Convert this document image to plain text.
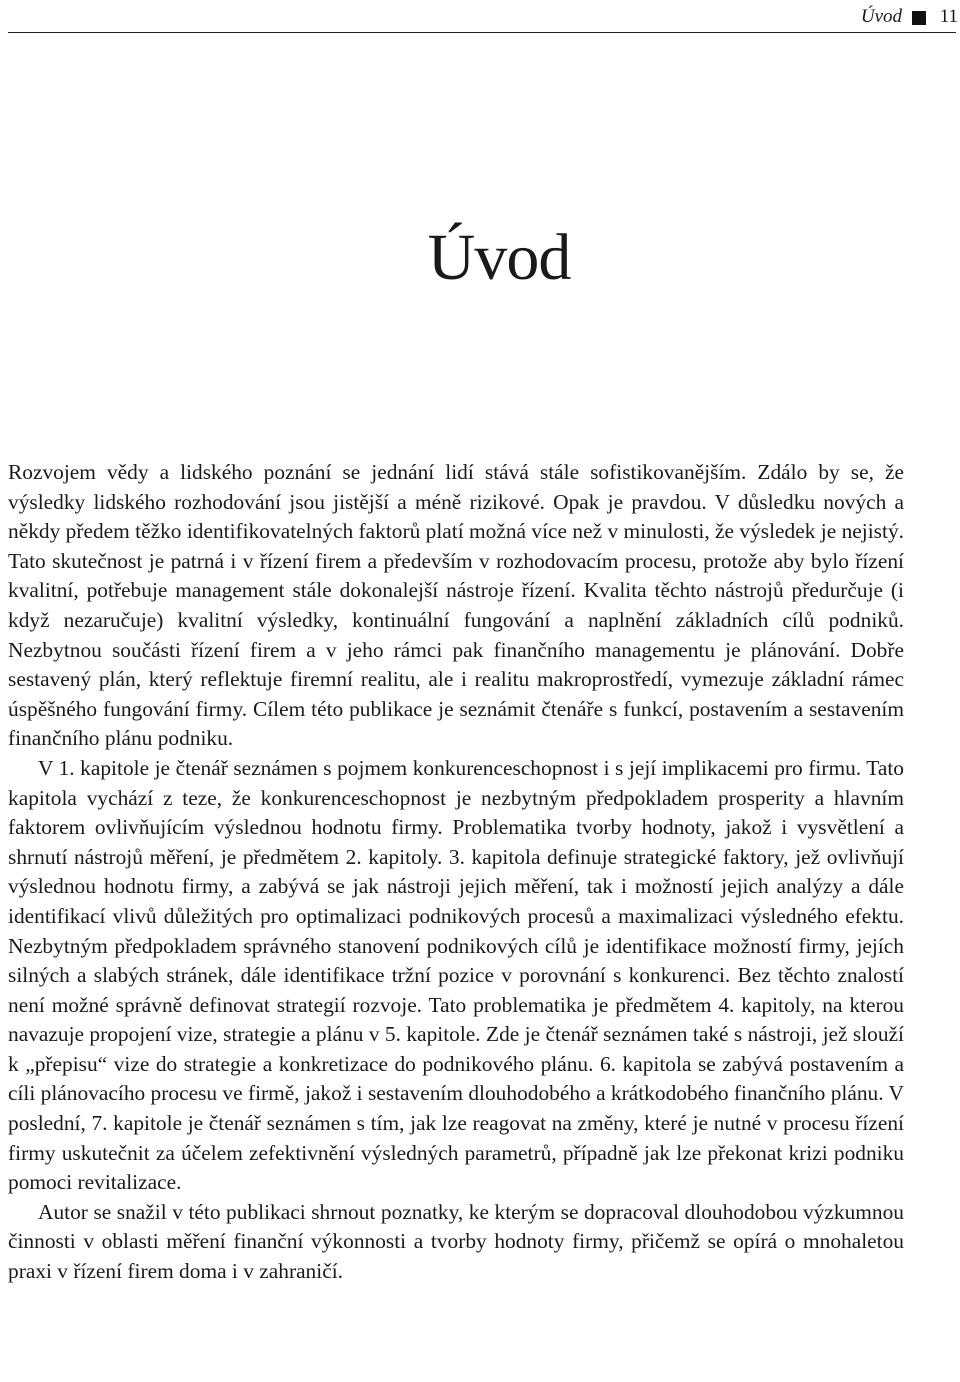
Úvod 11
Úvod

Rozvojem vědy a lidského poznání se jednání lidí stává stále sofistikovanějším. Zdálo by se, že výsledky lidského rozhodování jsou jistější a méně rizikové. Opak je pravdou. V důsledku nových a někdy předem těžko identifikovatelných faktorů platí možná více než v minulosti, že výsledek je nejistý. Tato skutečnost je patrná i v řízení firem a především v rozhodovacím procesu, protože aby bylo řízení kvalitní, potřebuje management stále dokonalejší nástroje řízení. Kvalita těchto nástrojů předurčuje (i když nezaručuje) kvalitní výsledky, kontinuální fungování a naplnění základních cílů podniků. Nezbytnou součásti řízení firem a v jeho rámci pak finančního managementu je plánování. Dobře sestavený plán, který reflektuje firemní realitu, ale i realitu makroprostředí, vymezuje základní rámec úspěšného fungování firmy. Cílem této publikace je seznámit čtenáře s funkcí, postavením a sestavením finančního plánu podniku.

V 1. kapitole je čtenář seznámen s pojmem konkurenceschopnost i s její implikacemi pro firmu. Tato kapitola vychází z teze, že konkurenceschopnost je nezbytným předpokladem prosperity a hlavním faktorem ovlivňujícím výslednou hodnotu firmy. Problematika tvorby hodnoty, jakož i vysvětlení a shrnutí nástrojů měření, je předmětem 2. kapitoly. 3. kapitola definuje strategické faktory, jež ovlivňují výslednou hodnotu firmy, a zabývá se jak nástroji jejich měření, tak i možností jejich analýzy a dále identifikací vlivů důležitých pro optimalizaci podnikových procesů a maximalizaci výsledného efektu. Nezbytným předpokladem správného stanovení podnikových cílů je identifikace možností firmy, jejích silných a slabých stránek, dále identifikace tržní pozice v porovnání s konkurenci. Bez těchto znalostí není možné správně definovat strategií rozvoje. Tato problematika je předmětem 4. kapitoly, na kterou navazuje propojení vize, strategie a plánu v 5. kapitole. Zde je čtenář seznámen také s nástroji, jež slouží k „přepisu“ vize do strategie a konkretizace do podnikového plánu. 6. kapitola se zabývá postavením a cíli plánovacího procesu ve firmě, jakož i sestavením dlouhodobého a krátkodobého finančního plánu. V poslední, 7. kapitole je čtenář seznámen s tím, jak lze reagovat na změny, které je nutné v procesu řízení firmy uskutečnit za účelem zefektivnění výsledných parametrů, případně jak lze překonat krizi podniku pomoci revitalizace.

Autor se snažil v této publikaci shrnout poznatky, ke kterým se dopracoval dlouhodobou výzkumnou činnosti v oblasti měření finanční výkonnosti a tvorby hodnoty firmy, přičemž se opírá o mnohaletou praxi v řízení firem doma i v zahraničí.
